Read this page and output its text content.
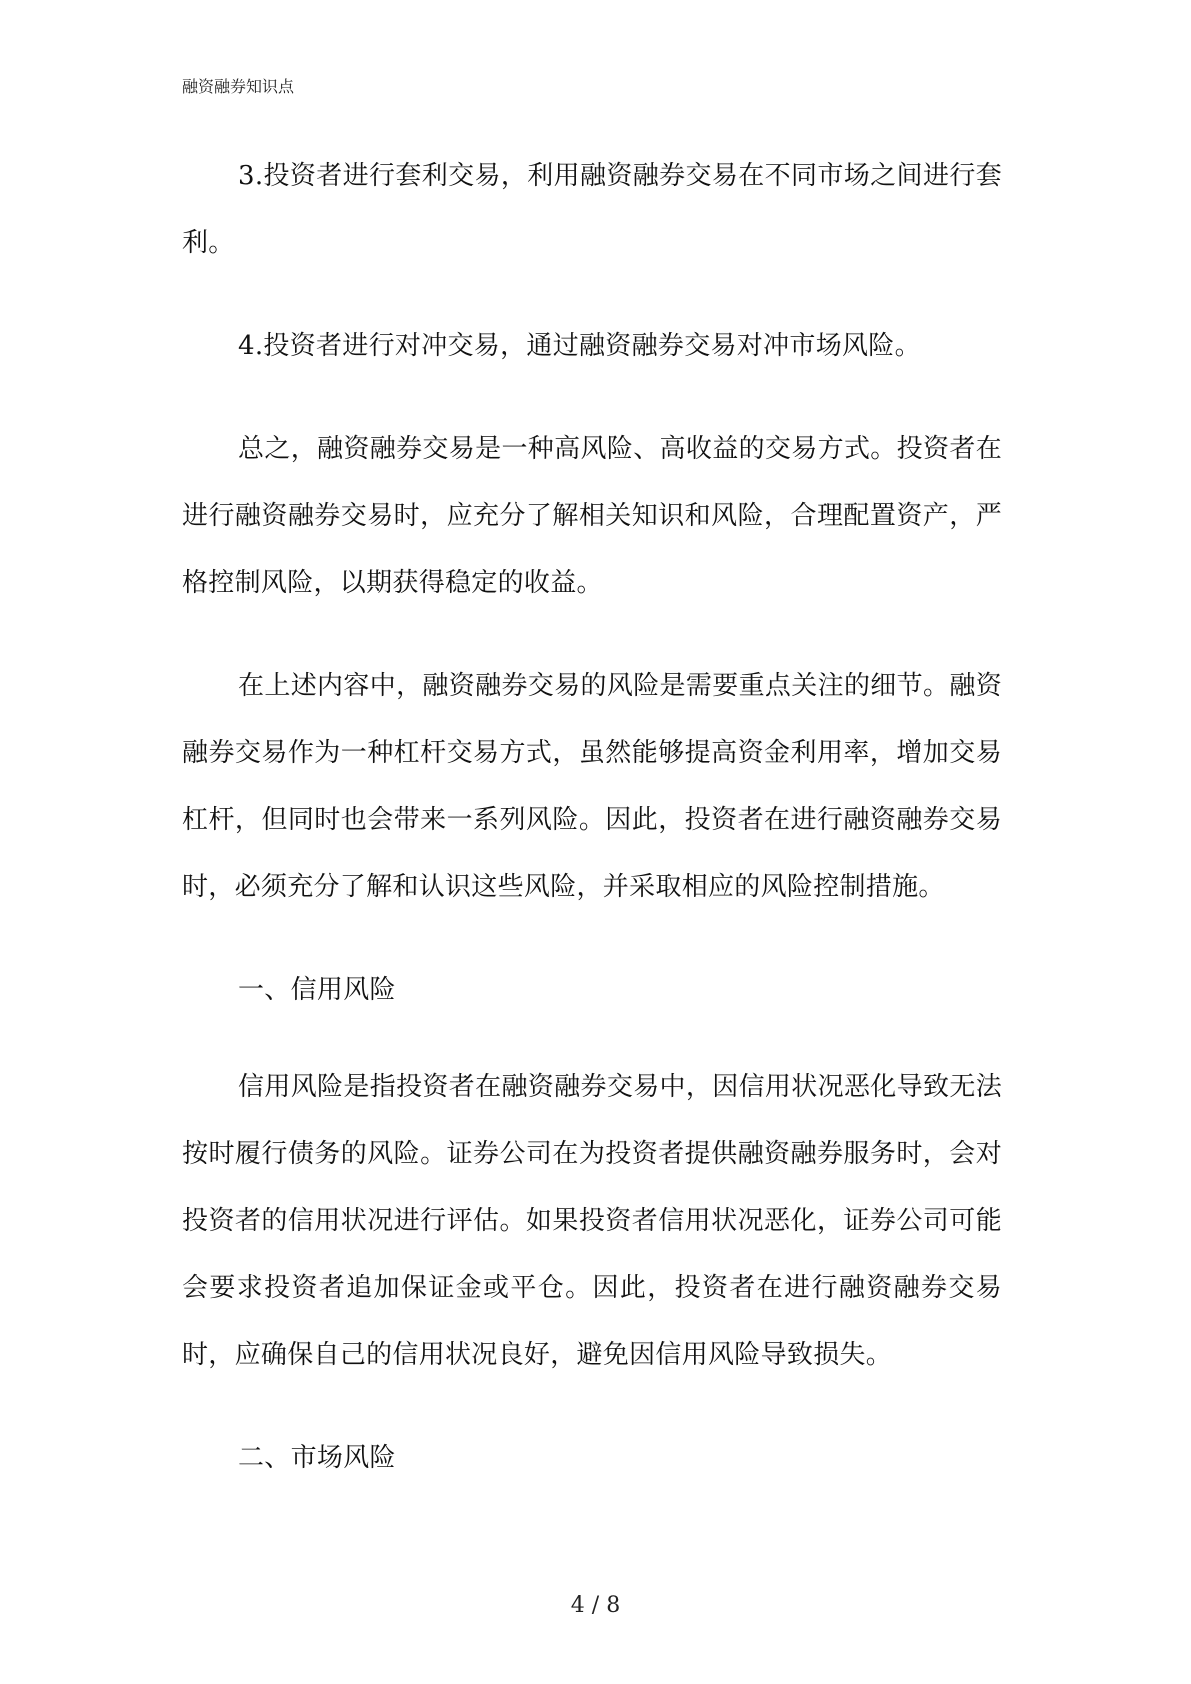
融资融券知识点

3.投资者进行套利交易，利用融资融券交易在不同市场之间进行套利。

4.投资者进行对冲交易，通过融资融券交易对冲市场风险。

总之，融资融券交易是一种高风险、高收益的交易方式。投资者在进行融资融券交易时，应充分了解相关知识和风险，合理配置资产，严格控制风险，以期获得稳定的收益。

在上述内容中，融资融券交易的风险是需要重点关注的细节。融资融券交易作为一种杠杆交易方式，虽然能够提高资金利用率，增加交易杠杆，但同时也会带来一系列风险。因此，投资者在进行融资融券交易时，必须充分了解和认识这些风险，并采取相应的风险控制措施。

一、信用风险

信用风险是指投资者在融资融券交易中，因信用状况恶化导致无法按时履行债务的风险。证券公司在为投资者提供融资融券服务时，会对投资者的信用状况进行评估。如果投资者信用状况恶化，证券公司可能会要求投资者追加保证金或平仓。因此，投资者在进行融资融券交易时，应确保自己的信用状况良好，避免因信用风险导致损失。

二、市场风险

4 / 8
